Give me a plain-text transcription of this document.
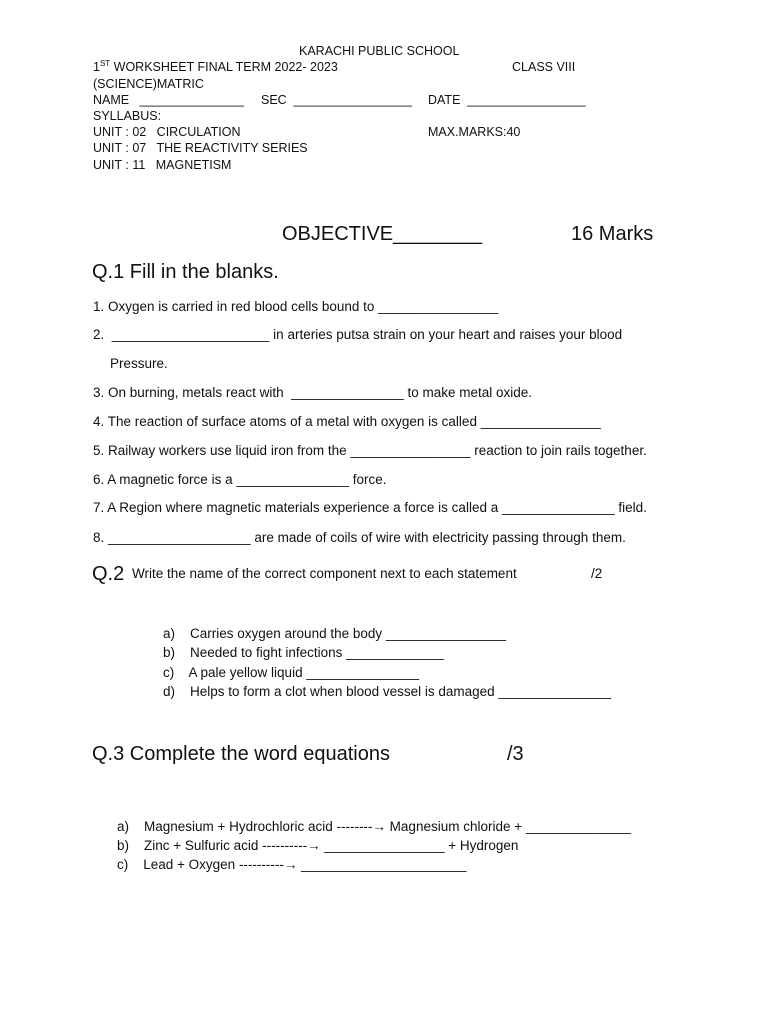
KARACHI PUBLIC SCHOOL
1ST WORKSHEET FINAL TERM 2022- 2023	CLASS VIII
(SCIENCE)MATRIC
NAME   _______________ SEC  _________________ DATE  _________________
SYLLABUS:
UNIT : 02   CIRCULATION	MAX.MARKS:40
UNIT : 07   THE REACTIVITY SERIES
UNIT : 11   MAGNETISM
OBJECTIVE________	16 Marks
Q.1 Fill in the blanks.
1. Oxygen is carried in red blood cells bound to ________________
2.  _____________________ in arteries putsa strain on your heart and raises your blood
Pressure.
3. On burning, metals react with  _______________ to make metal oxide.
4. The reaction of surface atoms of a metal with oxygen is called ________________
5. Railway workers use liquid iron from the ________________ reaction to join rails together.
6. A magnetic force is a _______________ force.
7. A Region where magnetic materials experience a force is called a _______________ field.
8. ___________________ are made of coils of wire with electricity passing through them.
Q.2 Write the name of the correct component next to each statement	/2
a)    Carries oxygen around the body ________________
b)    Needed to fight infections _____________
c)    A pale yellow liquid _______________
d)    Helps to form a clot when blood vessel is damaged _______________
Q.3 Complete the word equations	/3
a)    Magnesium + Hydrochloric acid --------→ Magnesium chloride + ______________
b)    Zinc + Sulfuric acid ----------→ ________________ + Hydrogen
c)    Lead + Oxygen ----------→ ______________________
